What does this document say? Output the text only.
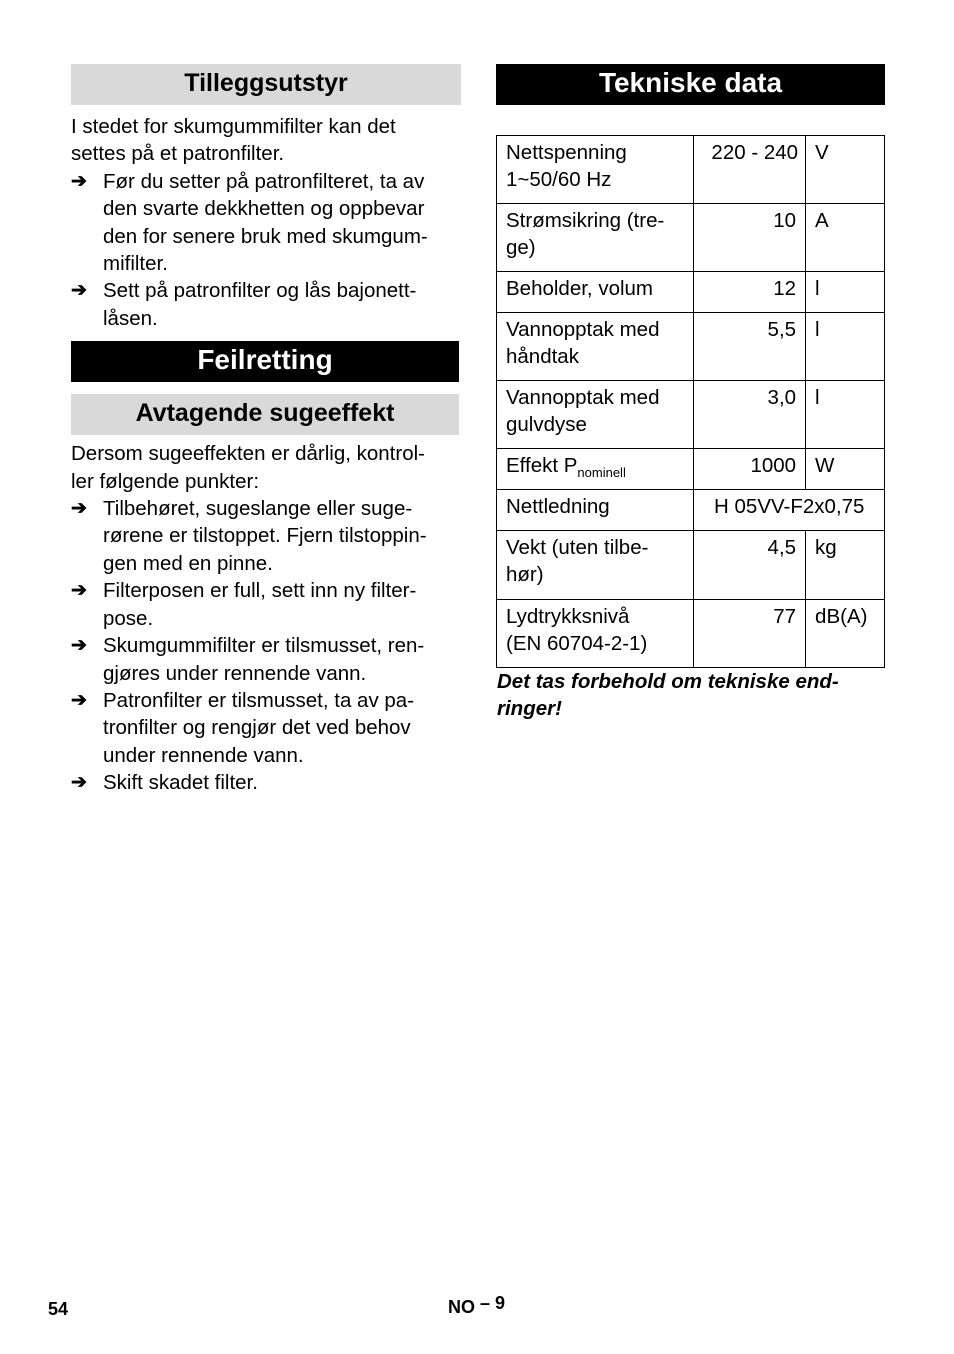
Tilleggsutstyr

I stedet for skumgummifilter kan det
settes på et patronfilter.

➔ Før du setter på patronfilteret, ta av
den svarte dekkhetten og oppbevar
den for senere bruk med skumgum-
mifilter.
➔ Sett på patronfilter og lås bajonett-
låsen.
Feilretting
Avtagende sugeeffekt

Dersom sugeeffekten er dårlig, kontrol-
ler følgende punkter:

➔ Tilbehøret, sugeslange eller suge-
rørene er tilstoppet. Fjern tilstoppin-
gen med en pinne.
➔ Filterposen er full, sett inn ny filter-
pose.
➔ Skumgummifilter er tilsmusset, ren-
gjøres under rennende vann.
➔ Patronfilter er tilsmusset, ta av pa-
tronfilter og rengjør det ved behov
under rennende vann.
➔ Skift skadet filter.
Tekniske data
Nettspenning
1~50/60 Hz	220 - 240	V
Strømsikring (tre-
ge)	10	A
Beholder, volum	12	l
Vannopptak med
håndtak	5,5	l
Vannopptak med
gulvdyse	3,0	l
Effekt $P_{nominell}$	1000	W
Nettledning	H 05VV-F2x0,75	
Vekt (uten tilbe-
hør)	4,5	kg
Lydtrykksnivå
(EN 60704-2-1)	77	dB(A)

Det tas forbehold om tekniske end-
ringer!

54	NO – 9
